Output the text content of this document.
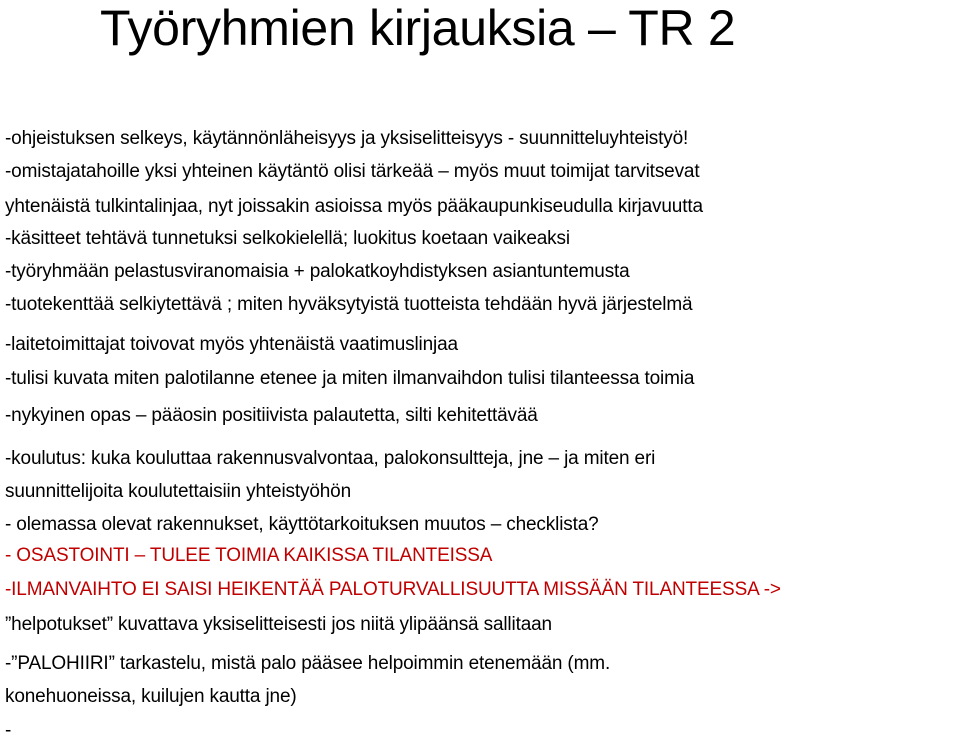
Työryhmien kirjauksia – TR 2

-ohjeistuksen selkeys, käytännönläheisyys ja yksiselitteisyys - suunnitteluyhteistyö!

-omistajatahoille yksi yhteinen käytäntö olisi tärkeää – myös muut toimijat tarvitsevat

yhtenäistä tulkintalinjaa, nyt joissakin asioissa myös pääkaupunkiseudulla kirjavuutta

-käsitteet tehtävä tunnetuksi selkokielellä; luokitus koetaan vaikeaksi

-työryhmään pelastusviranomaisia + palokatkoyhdistyksen asiantuntemusta

-tuotekenttää selkiytettävä ; miten hyväksytyistä tuotteista tehdään hyvä järjestelmä

-laitetoimittajat toivovat myös yhtenäistä vaatimuslinjaa

-tulisi kuvata miten palotilanne etenee ja miten ilmanvaihdon tulisi tilanteessa toimia

-nykyinen opas – pääosin positiivista palautetta, silti kehitettävää

-koulutus: kuka kouluttaa rakennusvalvontaa, palokonsultteja, jne – ja miten eri

suunnittelijoita koulutettaisiin yhteistyöhön

- olemassa olevat rakennukset, käyttötarkoituksen muutos – checklista?

- OSASTOINTI – TULEE TOIMIA KAIKISSA TILANTEISSA

-ILMANVAIHTO EI SAISI HEIKENTÄÄ PALOTURVALLISUUTTA MISSÄÄN TILANTEESSA ->

”helpotukset” kuvattava yksiselitteisesti jos niitä ylipäänsä sallitaan

-”PALOHIIRI” tarkastelu, mistä palo pääsee helpoimmin etenemään (mm.

konehuoneissa, kuilujen kautta jne)

-
